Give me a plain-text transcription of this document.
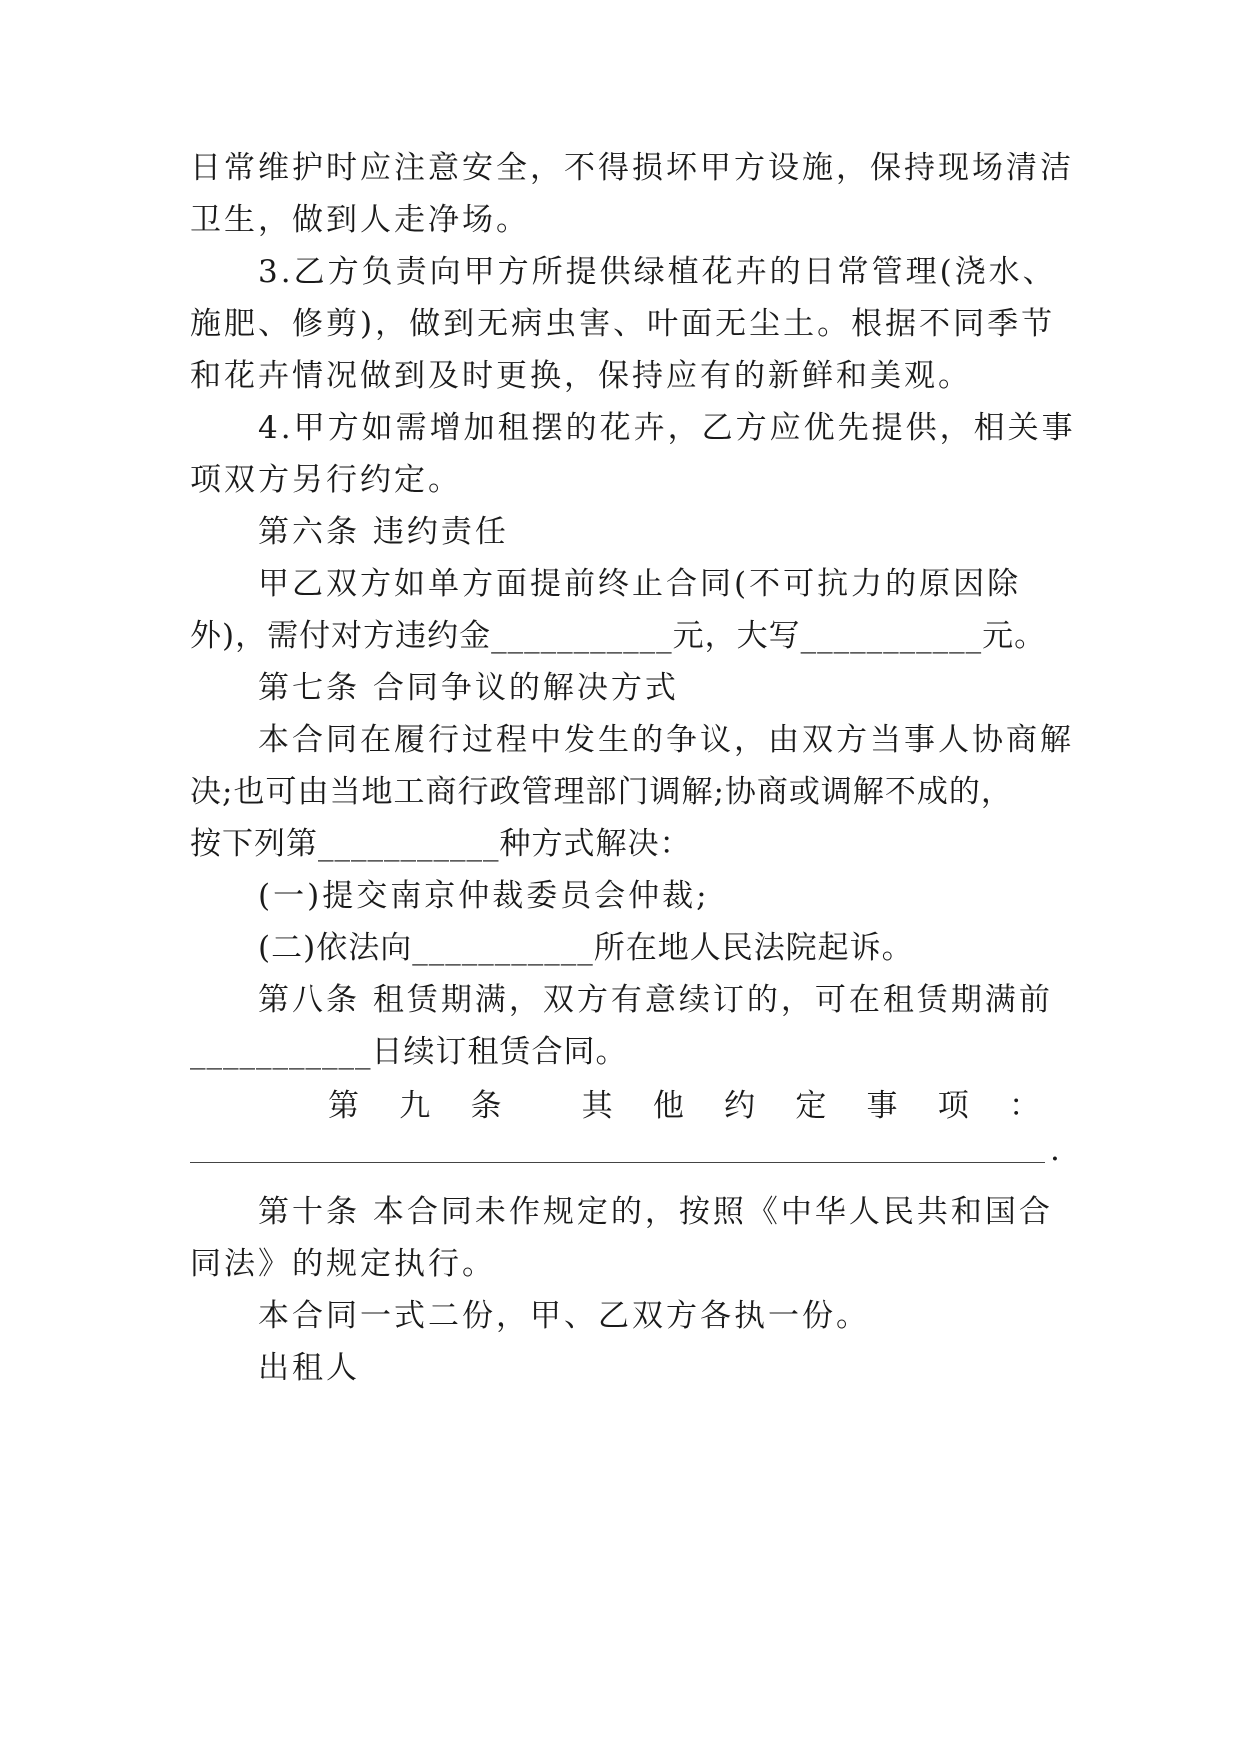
日常维护时应注意安全，不得损坏甲方设施，保持现场清洁
卫生，做到人走净场。
3.乙方负责向甲方所提供绿植花卉的日常管理(浇水、
施肥、修剪)，做到无病虫害、叶面无尘土。根据不同季节
和花卉情况做到及时更换，保持应有的新鲜和美观。
4.甲方如需增加租摆的花卉，乙方应优先提供，相关事
项双方另行约定。
第六条 违约责任
甲乙双方如单方面提前终止合同(不可抗力的原因除
外)，需付对方违约金___________元，大写___________元。
第七条 合同争议的解决方式
本合同在履行过程中发生的争议，由双方当事人协商解
决;也可由当地工商行政管理部门调解;协商或调解不成的，
按下列第___________种方式解决：
(一)提交南京仲裁委员会仲裁;
(二)依法向___________所在地人民法院起诉。
第八条 租赁期满，双方有意续订的，可在租赁期满前
___________日续订租赁合同。
第 九 条	其 他 约 定 事 项 ：
.
第十条 本合同未作规定的，按照《中华人民共和国合
同法》的规定执行。
本合同一式二份，甲、乙双方各执一份。
出租人
